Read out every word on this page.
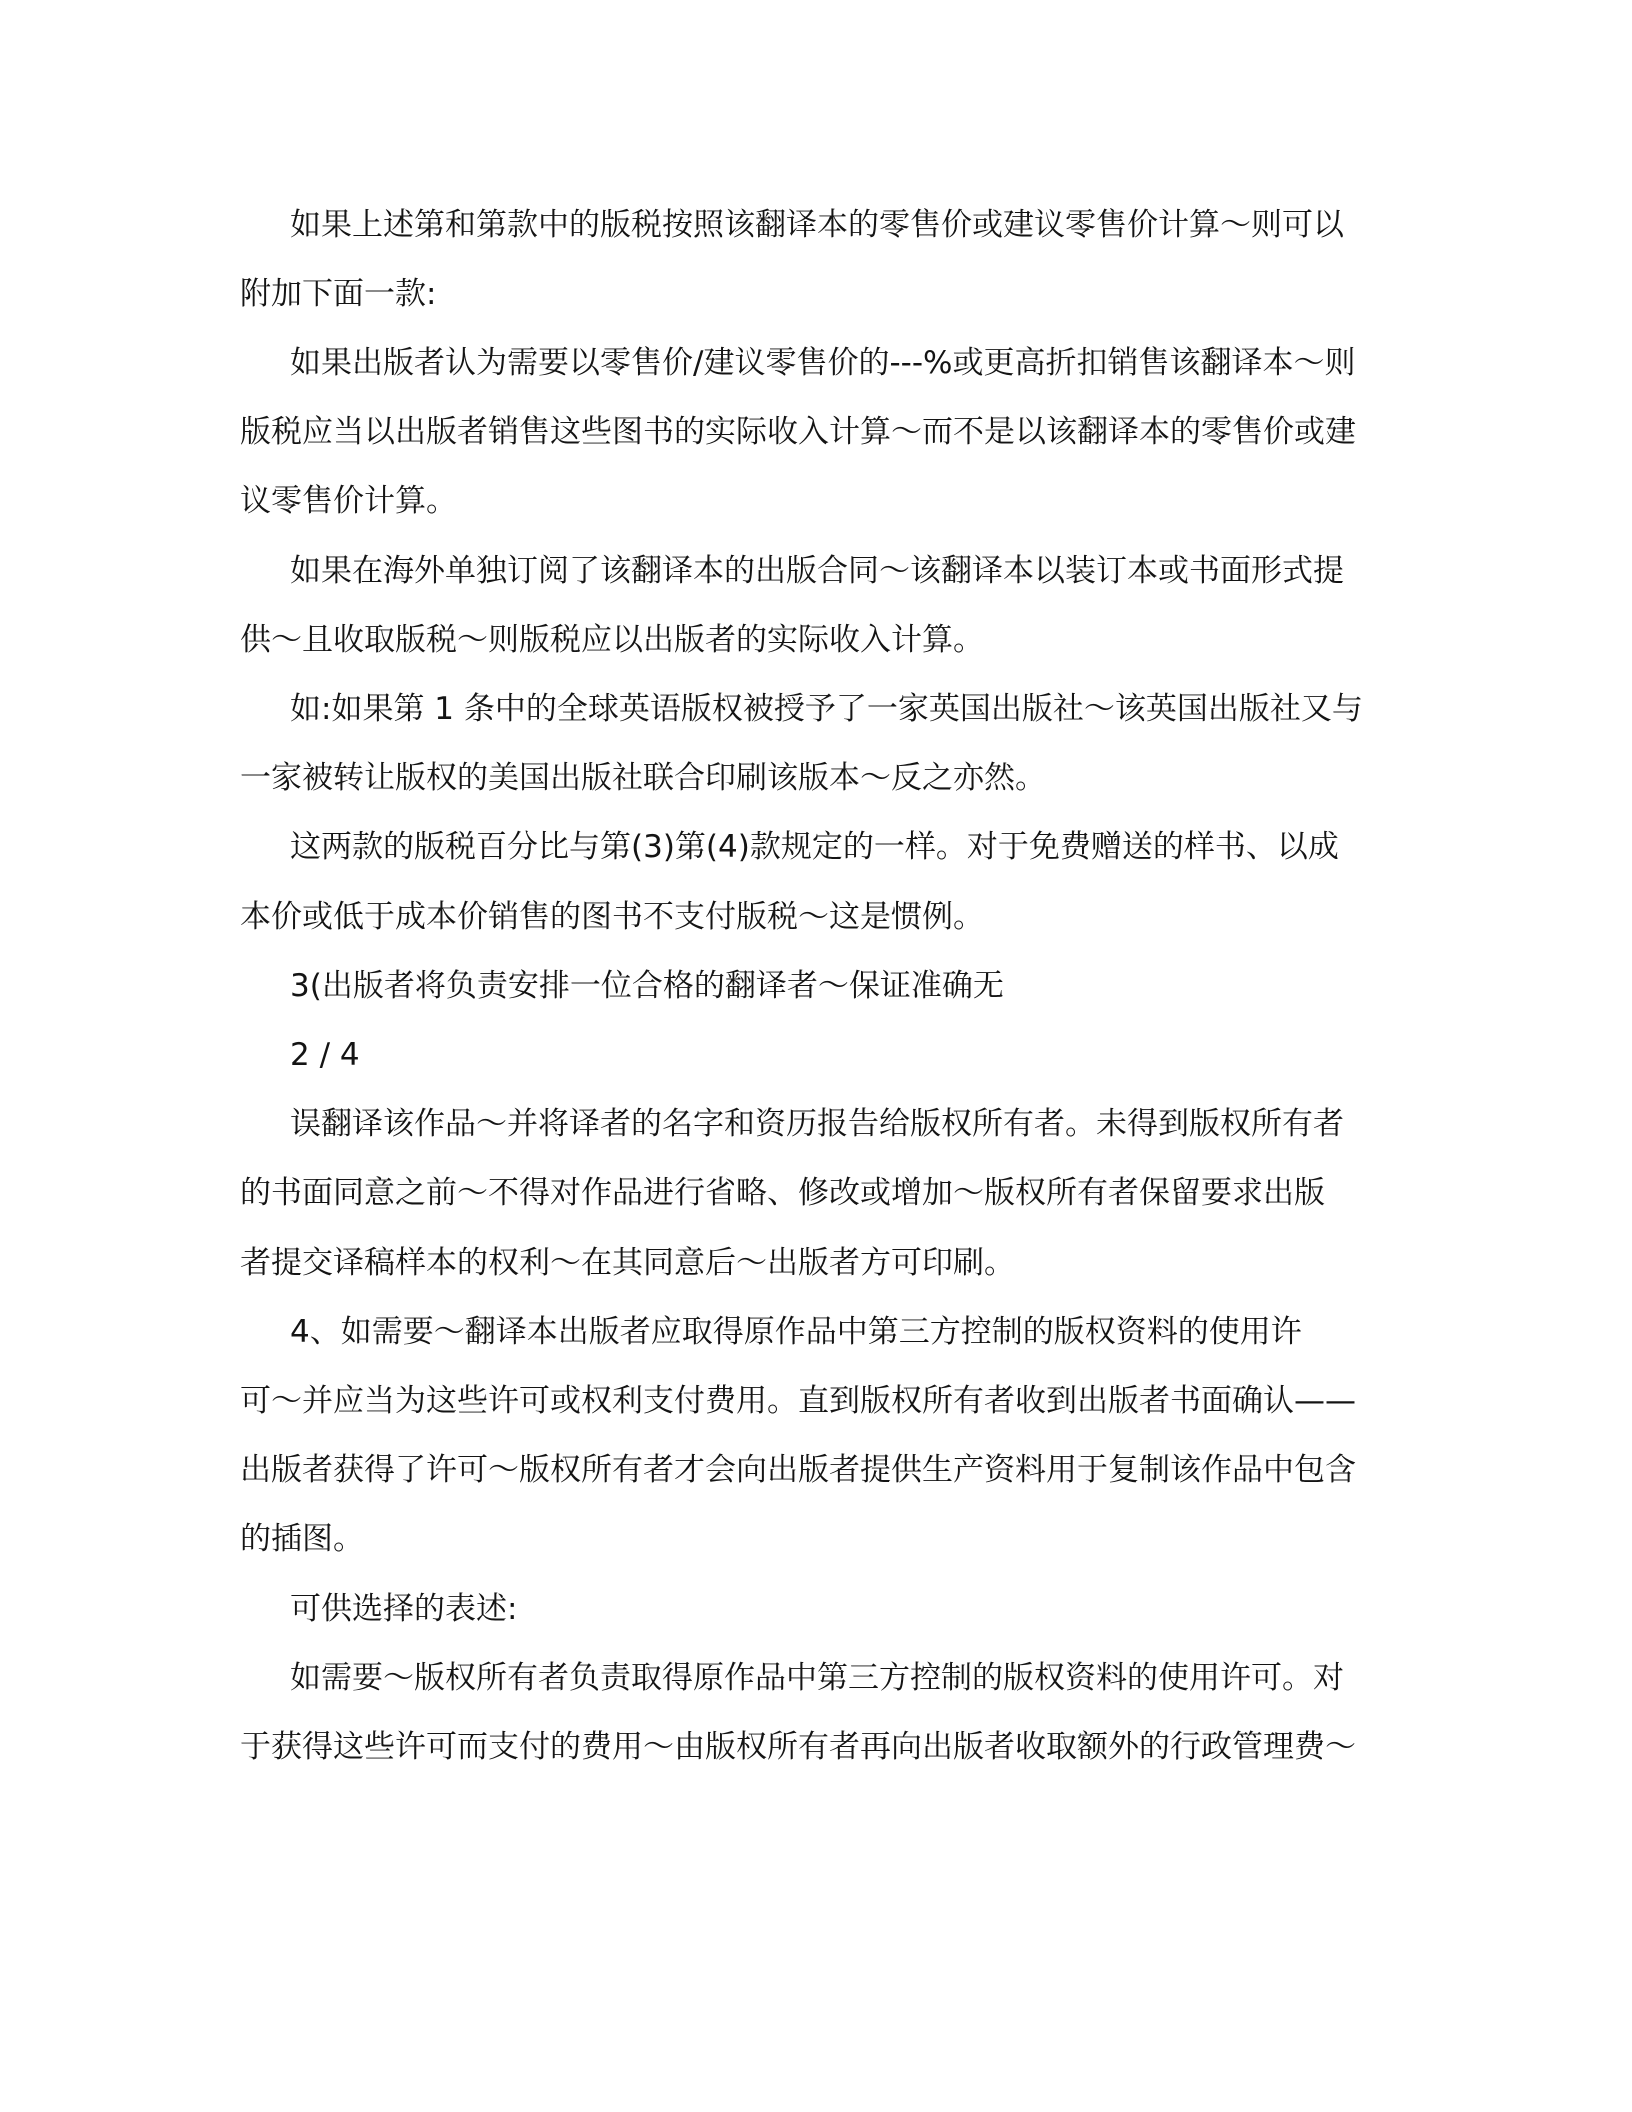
如果上述第和第款中的版税按照该翻译本的零售价或建议零售价计算～则可以
附加下面一款:
如果出版者认为需要以零售价/建议零售价的---%或更高折扣销售该翻译本～则
版税应当以出版者销售这些图书的实际收入计算～而不是以该翻译本的零售价或建
议零售价计算。
如果在海外单独订阅了该翻译本的出版合同～该翻译本以装订本或书面形式提
供～且收取版税～则版税应以出版者的实际收入计算。
如:如果第 1 条中的全球英语版权被授予了一家英国出版社～该英国出版社又与
一家被转让版权的美国出版社联合印刷该版本～反之亦然。
这两款的版税百分比与第(3)第(4)款规定的一样。对于免费赠送的样书、以成
本价或低于成本价销售的图书不支付版税～这是惯例。
3(出版者将负责安排一位合格的翻译者～保证准确无
2 / 4
误翻译该作品～并将译者的名字和资历报告给版权所有者。未得到版权所有者
的书面同意之前～不得对作品进行省略、修改或增加～版权所有者保留要求出版
者提交译稿样本的权利～在其同意后～出版者方可印刷。
4、如需要～翻译本出版者应取得原作品中第三方控制的版权资料的使用许
可～并应当为这些许可或权利支付费用。直到版权所有者收到出版者书面确认——
出版者获得了许可～版权所有者才会向出版者提供生产资料用于复制该作品中包含
的插图。
可供选择的表述:
如需要～版权所有者负责取得原作品中第三方控制的版权资料的使用许可。对
于获得这些许可而支付的费用～由版权所有者再向出版者收取额外的行政管理费～
